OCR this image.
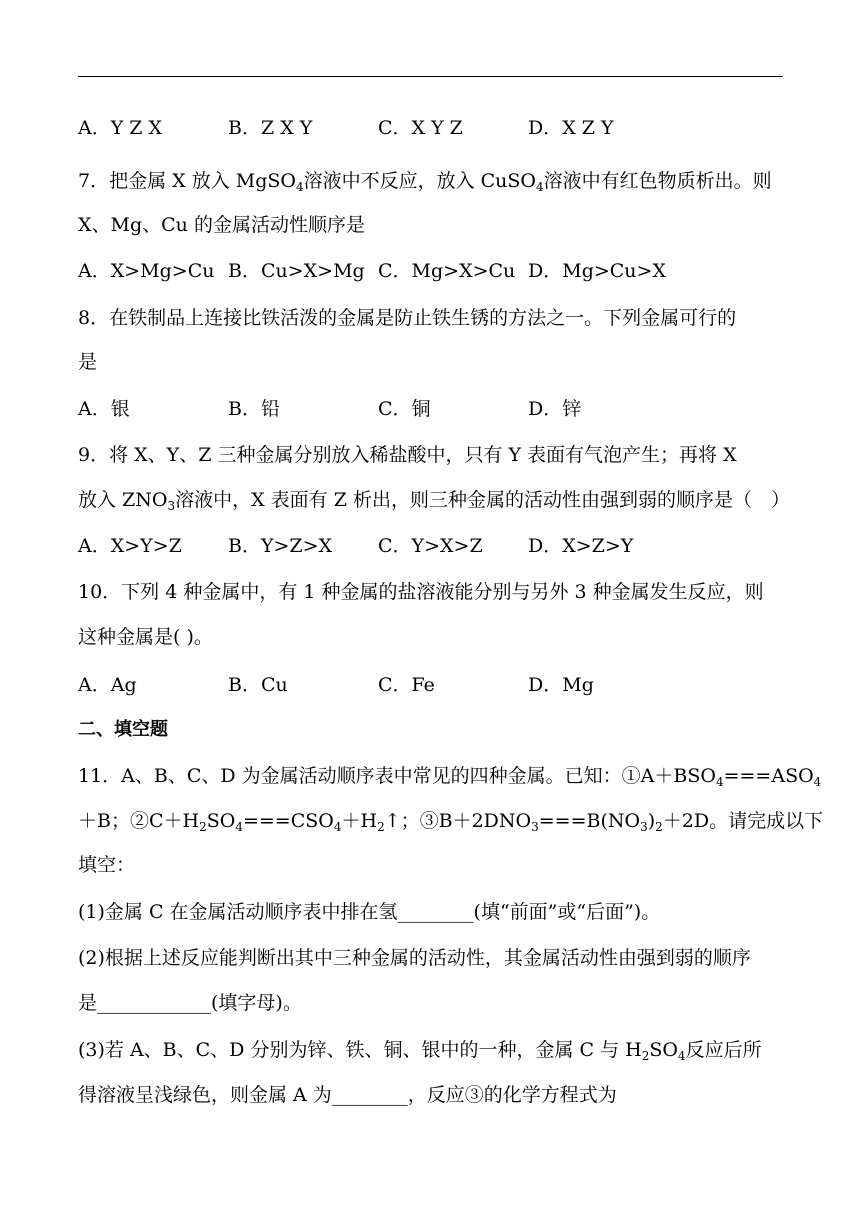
A．Y Z X	B．Z X Y	C．X Y Z	D．X Z Y
7．把金属 X 放入 MgSO$_4$溶液中不反应，放入 CuSO$_4$溶液中有红色物质析出。则
X、Mg、Cu 的金属活动性顺序是
A．X>Mg>Cu B．Cu>X>Mg C．Mg>X>Cu D．Mg>Cu>X
8．在铁制品上连接比铁活泼的金属是防止铁生锈的方法之一。下列金属可行的
是
A．银	B．铅	C．铜	D．锌
9．将 X、Y、Z 三种金属分别放入稀盐酸中，只有 Y 表面有气泡产生；再将 X
放入 $ZNO_3$溶液中，X 表面有 Z 析出，则三种金属的活动性由强到弱的顺序是（　）
A．X>Y>Z B．Y>Z>X C．Y>X>Z D．X>Z>Y
10．下列 4 种金属中，有 1 种金属的盐溶液能分别与另外 3 种金属发生反应，则
这种金属是( )。
A．Ag	B．Cu	C．Fe	D．Mg
二、填空题
11．A、B、C、D 为金属活动顺序表中常见的四种金属。已知：$①A+BSO_4===ASO_4$
＋B；$②C+H_2SO_4===CSO_4+H_2↑$；$③B+2DNO_3===B(NO_3)_2+2D$。请完成以下
填空：
(1)金属 C 在金属活动顺序表中排在氢________(填“前面”或“后面”)。
(2)根据上述反应能判断出其中三种金属的活动性，其金属活动性由强到弱的顺序
是____________(填字母)。
(3)若 A、B、C、D 分别为锌、铁、铜、银中的一种，金属 C 与 $H_2SO_4$反应后所
得溶液呈浅绿色，则金属 A 为________，反应③的化学方程式为
